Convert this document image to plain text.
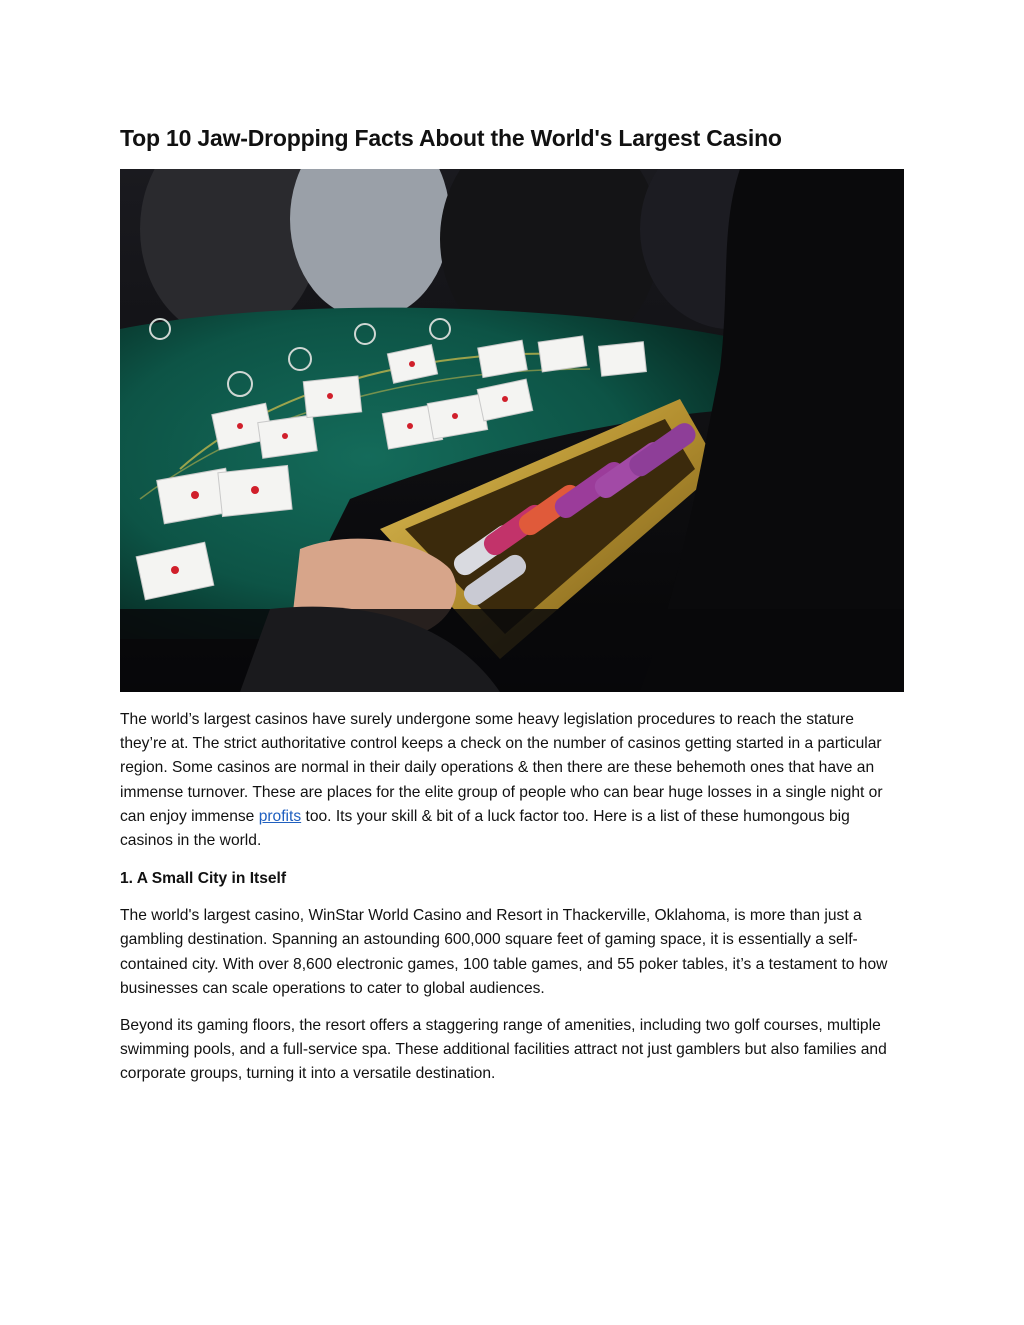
Top 10 Jaw-Dropping Facts About the World's Largest Casino

The world’s largest casinos have surely undergone some heavy legislation procedures to reach the stature they’re at. The strict authoritative control keeps a check on the number of casinos getting started in a particular region. Some casinos are normal in their daily operations & then there are these behemoth ones that have an immense turnover. These are places for the elite group of people who can bear huge losses in a single night or can enjoy immense profits too. Its your skill & bit of a luck factor too. Here is a list of these humongous big casinos in the world.

1. A Small City in Itself

The world's largest casino, WinStar World Casino and Resort in Thackerville, Oklahoma, is more than just a gambling destination. Spanning an astounding 600,000 square feet of gaming space, it is essentially a self-contained city. With over 8,600 electronic games, 100 table games, and 55 poker tables, it’s a testament to how businesses can scale operations to cater to global audiences.

Beyond its gaming floors, the resort offers a staggering range of amenities, including two golf courses, multiple swimming pools, and a full-service spa. These additional facilities attract not just gamblers but also families and corporate groups, turning it into a versatile destination.
